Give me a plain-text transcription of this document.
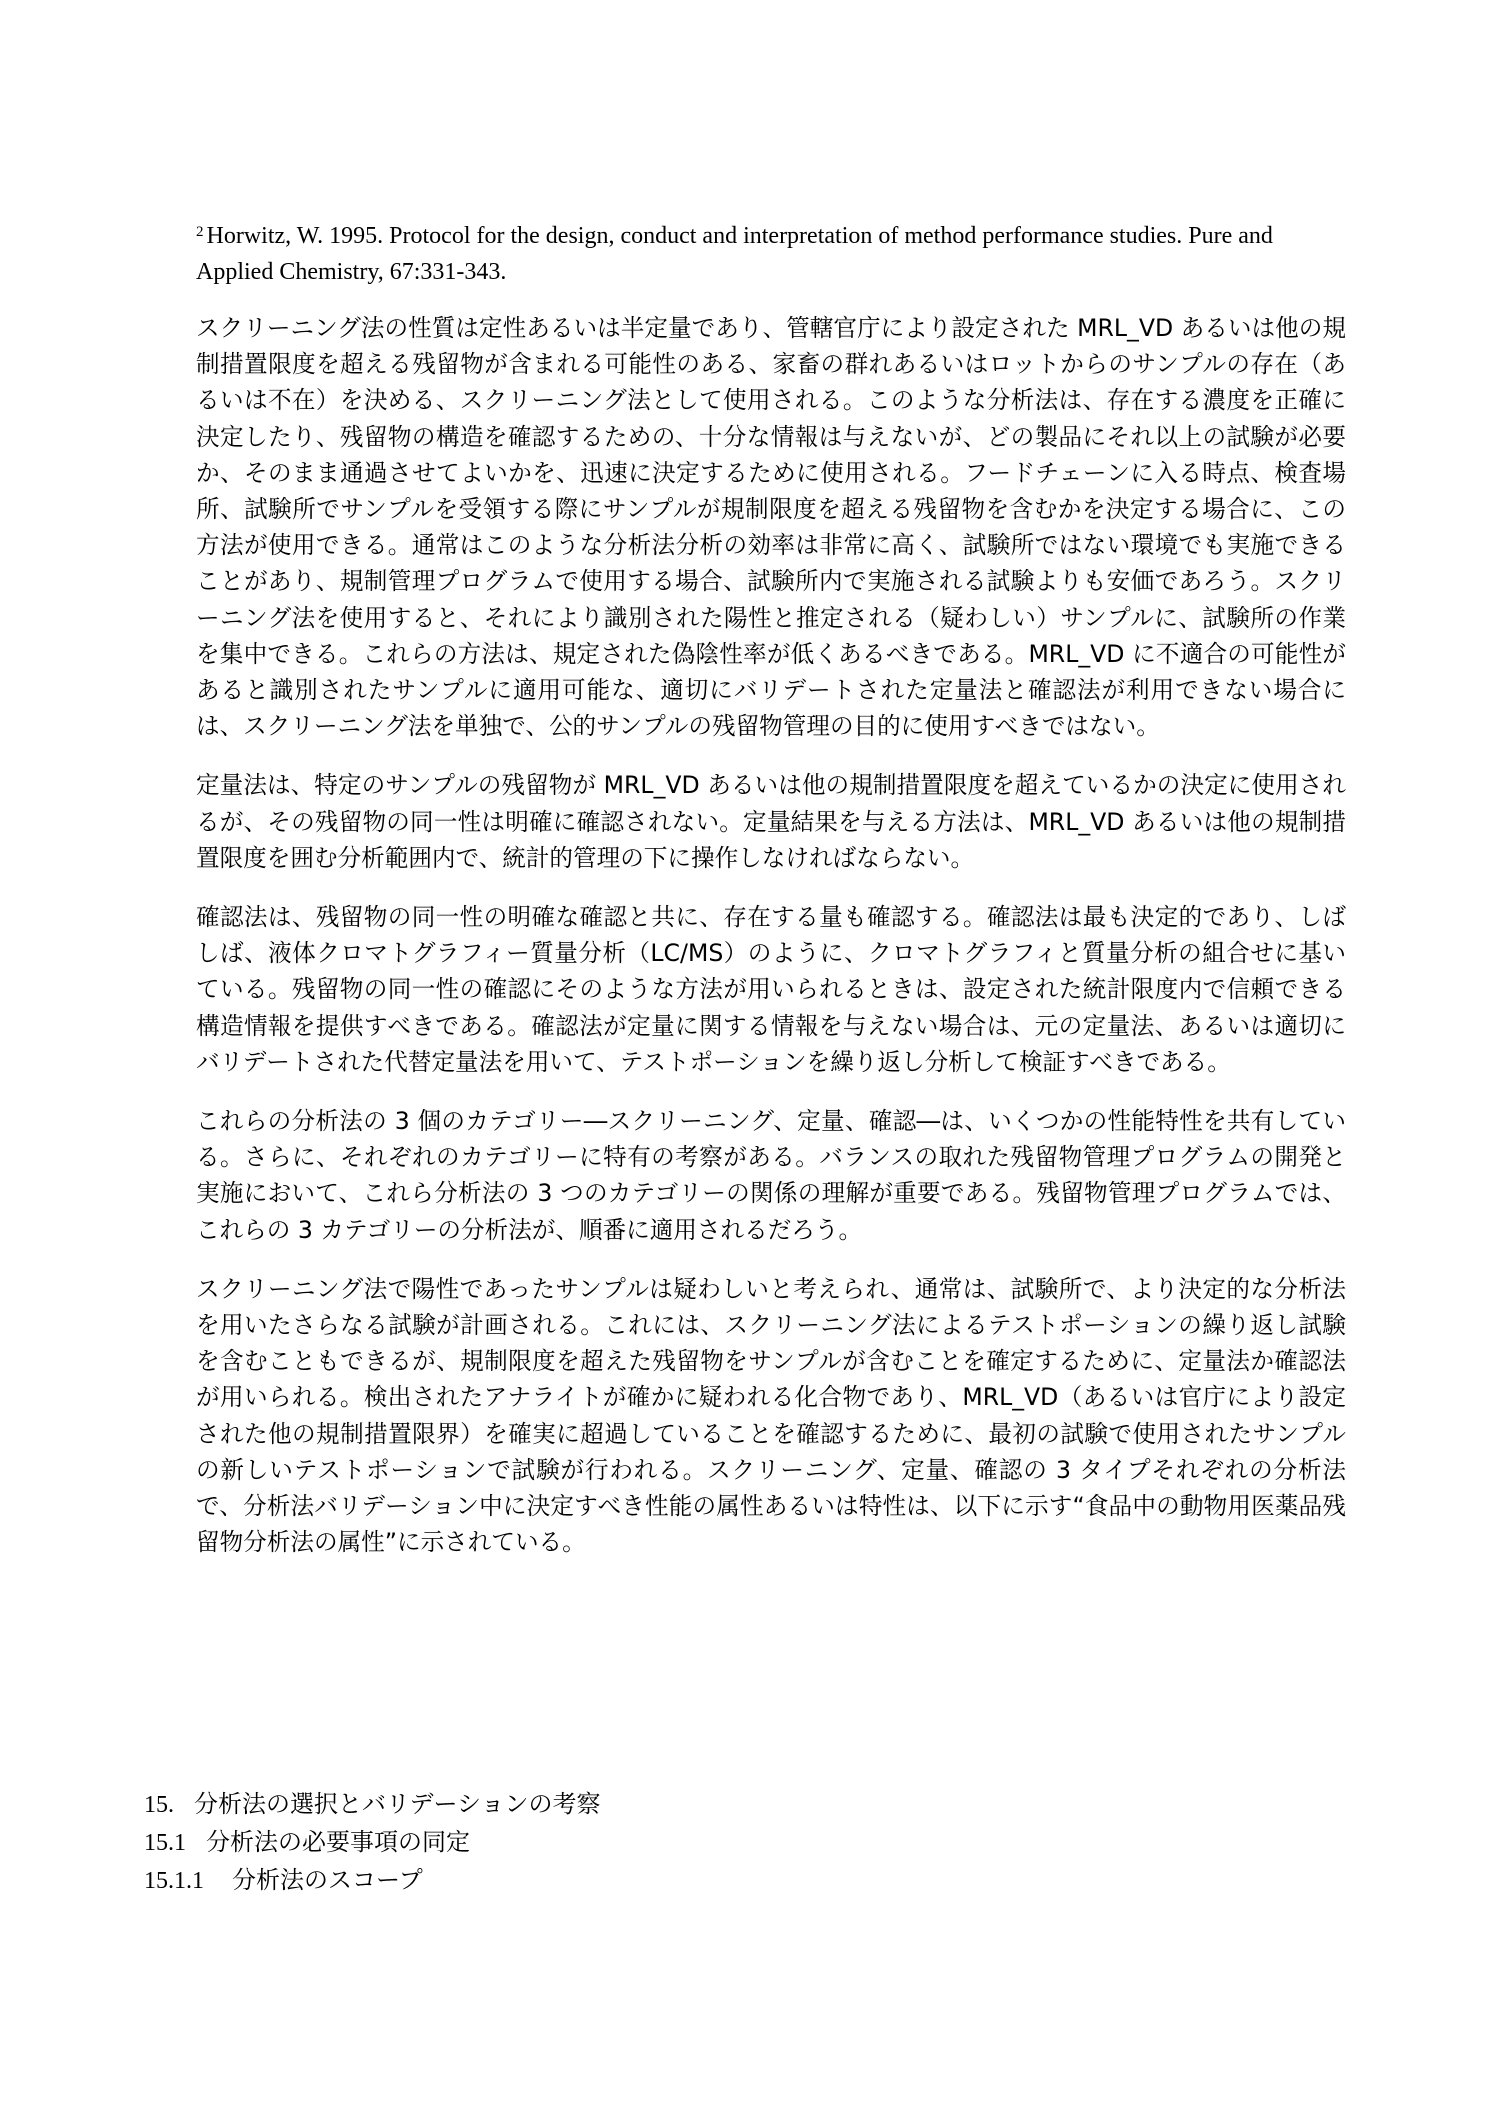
$^2$ Horwitz, W. 1995. Protocol for the design, conduct and interpretation of method performance studies. Pure and Applied Chemistry, 67:331-343.

スクリーニング法の性質は定性あるいは半定量であり、管轄官庁により設定された MRL_VD あるいは他の規制措置限度を超える残留物が含まれる可能性のある、家畜の群れあるいはロットからのサンプルの存在（あるいは不在）を決める、スクリーニング法として使用される。このような分析法は、存在する濃度を正確に決定したり、残留物の構造を確認するための、十分な情報は与えないが、どの製品にそれ以上の試験が必要か、そのまま通過させてよいかを、迅速に決定するために使用される。フードチェーンに入る時点、検査場所、試験所でサンプルを受領する際にサンプルが規制限度を超える残留物を含むかを決定する場合に、この方法が使用できる。通常はこのような分析法分析の効率は非常に高く、試験所ではない環境でも実施できることがあり、規制管理プログラムで使用する場合、試験所内で実施される試験よりも安価であろう。スクリーニング法を使用すると、それにより識別された陽性と推定される（疑わしい）サンプルに、試験所の作業を集中できる。これらの方法は、規定された偽陰性率が低くあるべきである。MRL_VD に不適合の可能性があると識別されたサンプルに適用可能な、適切にバリデートされた定量法と確認法が利用できない場合には、スクリーニング法を単独で、公的サンプルの残留物管理の目的に使用すべきではない。

定量法は、特定のサンプルの残留物が MRL_VD あるいは他の規制措置限度を超えているかの決定に使用されるが、その残留物の同一性は明確に確認されない。定量結果を与える方法は、MRL_VD あるいは他の規制措置限度を囲む分析範囲内で、統計的管理の下に操作しなければならない。

確認法は、残留物の同一性の明確な確認と共に、存在する量も確認する。確認法は最も決定的であり、しばしば、液体クロマトグラフィー質量分析（LC/MS）のように、クロマトグラフィと質量分析の組合せに基いている。残留物の同一性の確認にそのような方法が用いられるときは、設定された統計限度内で信頼できる構造情報を提供すべきである。確認法が定量に関する情報を与えない場合は、元の定量法、あるいは適切にバリデートされた代替定量法を用いて、テストポーションを繰り返し分析して検証すべきである。

これらの分析法の 3 個のカテゴリー―スクリーニング、定量、確認―は、いくつかの性能特性を共有している。さらに、それぞれのカテゴリーに特有の考察がある。バランスの取れた残留物管理プログラムの開発と実施において、これら分析法の 3 つのカテゴリーの関係の理解が重要である。残留物管理プログラムでは、これらの 3 カテゴリーの分析法が、順番に適用されるだろう。

スクリーニング法で陽性であったサンプルは疑わしいと考えられ、通常は、試験所で、より決定的な分析法を用いたさらなる試験が計画される。これには、スクリーニング法によるテストポーションの繰り返し試験を含むこともできるが、規制限度を超えた残留物をサンプルが含むことを確定するために、定量法か確認法が用いられる。検出されたアナライトが確かに疑われる化合物であり、MRL_VD（あるいは官庁により設定された他の規制措置限界）を確実に超過していることを確認するために、最初の試験で使用されたサンプルの新しいテストポーションで試験が行われる。スクリーニング、定量、確認の 3 タイプそれぞれの分析法で、分析法バリデーション中に決定すべき性能の属性あるいは特性は、以下に示す“食品中の動物用医薬品残留物分析法の属性”に示されている。

15. 分析法の選択とバリデーションの考察
15.1 分析法の必要事項の同定
15.1.1 分析法のスコープ
